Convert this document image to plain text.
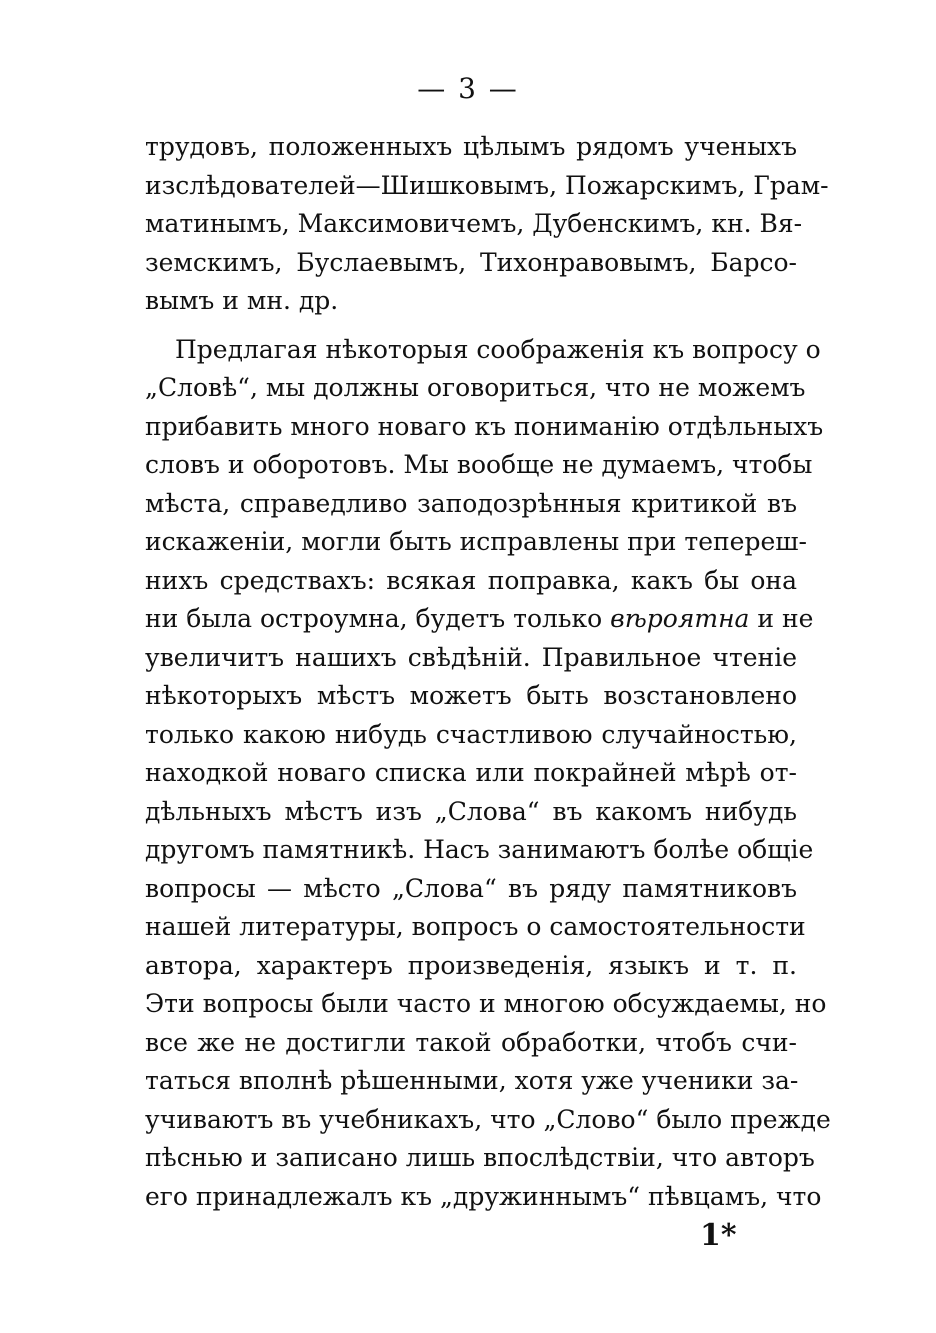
— 3 —
трудовъ, положенныхъ цѣлымъ рядомъ ученыхъ
изслѣдователей—Шишковымъ, Пожарскимъ, Грам-
матинымъ, Максимовичемъ, Дубенскимъ, кн. Вя-
земскимъ, Буслаевымъ, Тихонравовымъ, Барсо-
вымъ и мн. др.
Предлагая нѣкоторыя соображенія къ вопросу о
„Словѣ“, мы должны оговориться, что не можемъ
прибавить много новаго къ пониманію отдѣльныхъ
словъ и оборотовъ. Мы вообще не думаемъ, чтобы
мѣста, справедливо заподозрѣнныя критикой въ
искаженіи, могли быть исправлены при теперeш-
нихъ средствахъ: всякая поправка, какъ бы она
ни была остроумна, будетъ только вѣроятна и не
увеличитъ нашихъ свѣдѣній. Правильное чтеніе
нѣкоторыхъ мѣстъ можетъ быть возстановлено
только какою нибудь счастливою случайностью,
находкой новаго списка или покрайней мѣрѣ от-
дѣльныхъ мѣстъ изъ „Слова“ въ какомъ нибудь
другомъ памятникѣ. Насъ занимаютъ болѣе общіе
вопросы — мѣсто „Слова“ въ ряду памятниковъ
нашей литературы, вопросъ о самостоятельности
автора, характеръ произведенія, языкъ и т. п.
Эти вопросы были часто и многою обсуждаемы, но
все же не достигли такой обработки, чтобъ счи-
таться вполнѣ рѣшенными, хотя уже ученики за-
учиваютъ въ учебникахъ, что „Слово“ было прежде
пѣснью и записано лишь впослѣдствіи, что авторъ
его принадлежалъ къ „дружиннымъ“ пѣвцамъ, что
1*
